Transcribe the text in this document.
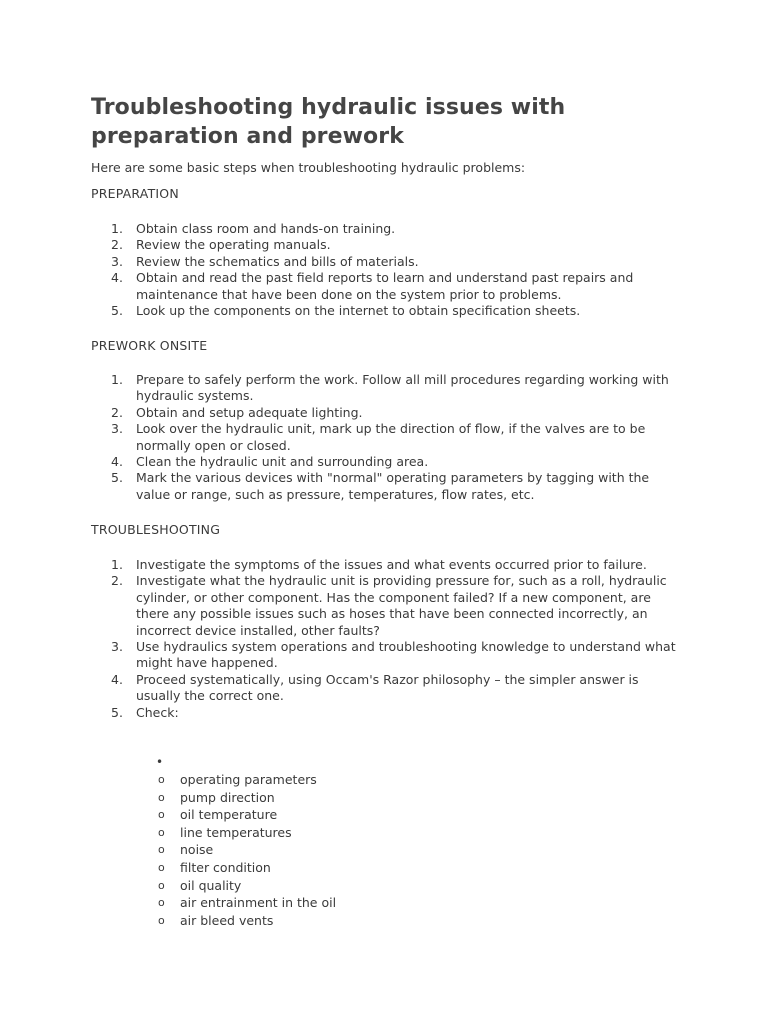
Troubleshooting hydraulic issues with preparation and prework

Here are some basic steps when troubleshooting hydraulic problems:

PREPARATION

1. Obtain class room and hands-on training.
2. Review the operating manuals.
3. Review the schematics and bills of materials.
4. Obtain and read the past field reports to learn and understand past repairs and maintenance that have been done on the system prior to problems.
5. Look up the components on the internet to obtain specification sheets.

PREWORK ONSITE

1. Prepare to safely perform the work. Follow all mill procedures regarding working with hydraulic systems.
2. Obtain and setup adequate lighting.
3. Look over the hydraulic unit, mark up the direction of flow, if the valves are to be normally open or closed.
4. Clean the hydraulic unit and surrounding area.
5. Mark the various devices with "normal" operating parameters by tagging with the value or range, such as pressure, temperatures, flow rates, etc.

TROUBLESHOOTING

1. Investigate the symptoms of the issues and what events occurred prior to failure.
2. Investigate what the hydraulic unit is providing pressure for, such as a roll, hydraulic cylinder, or other component. Has the component failed? If a new component, are there any possible issues such as hoses that have been connected incorrectly, an incorrect device installed, other faults?
3. Use hydraulics system operations and troubleshooting knowledge to understand what might have happened.
4. Proceed systematically, using Occam's Razor philosophy – the simpler answer is usually the correct one.
5. Check:
•
o operating parameters
o pump direction
o oil temperature
o line temperatures
o noise
o filter condition
o oil quality
o air entrainment in the oil
o air bleed vents
